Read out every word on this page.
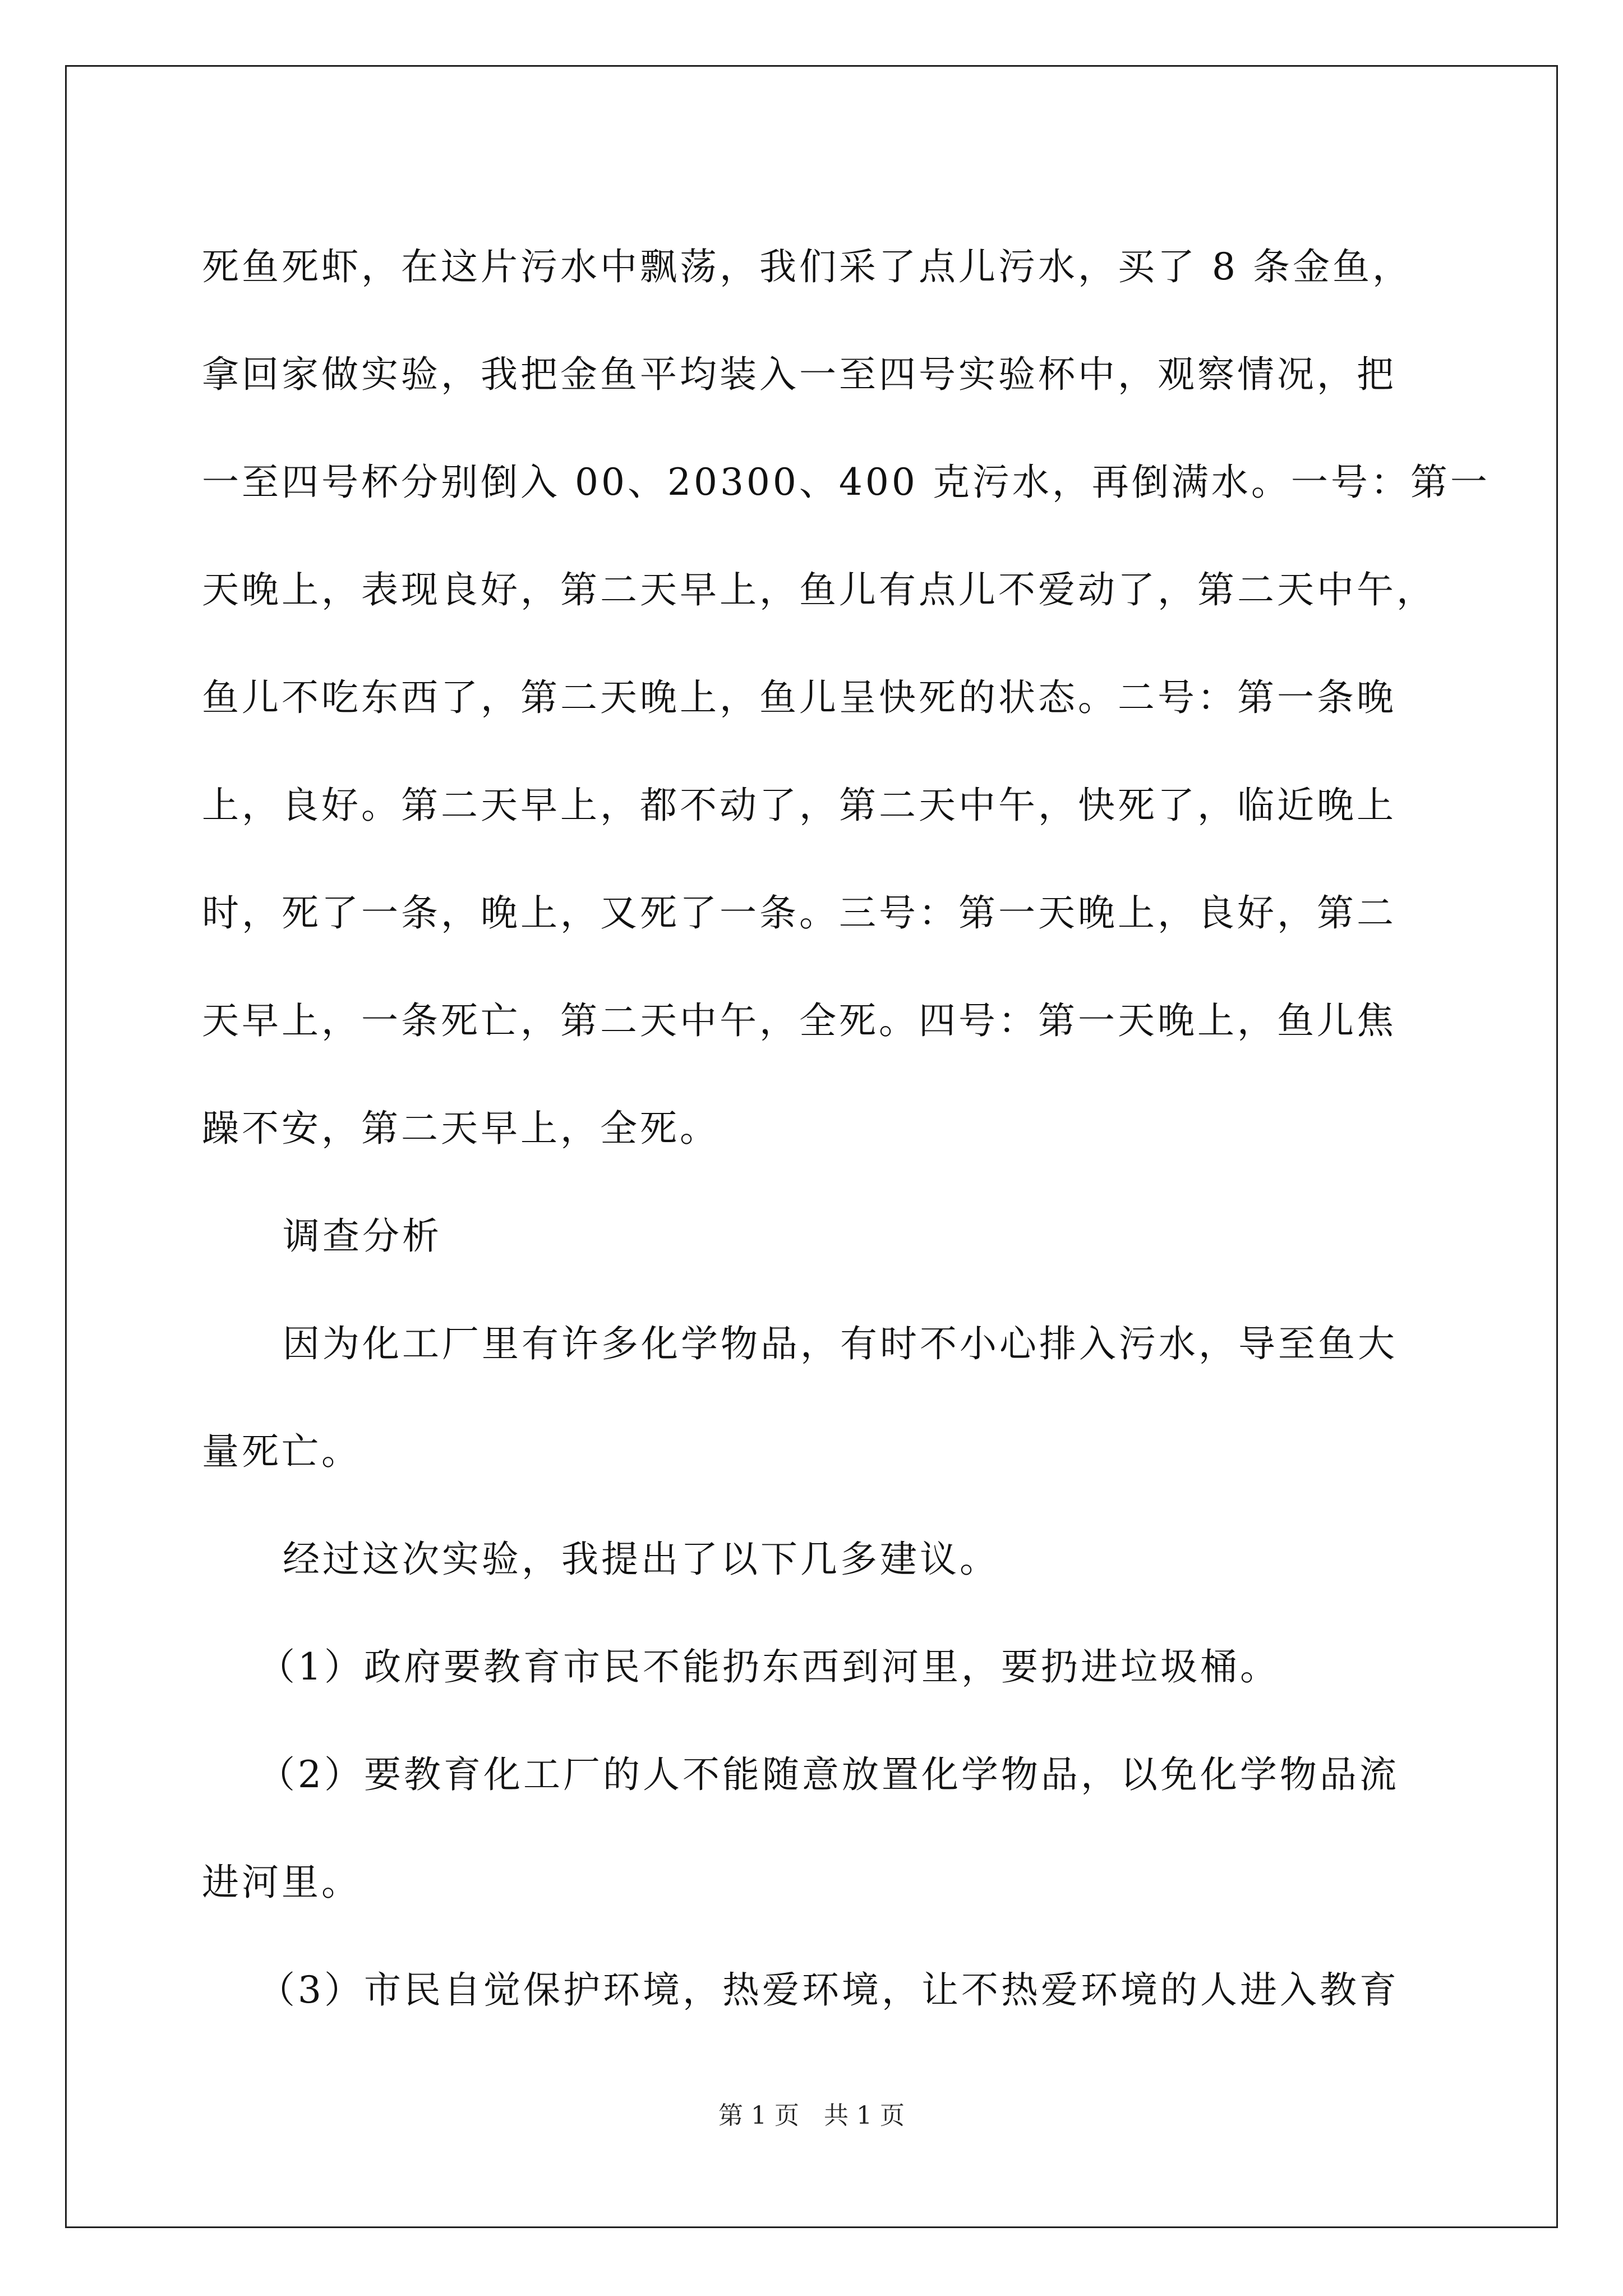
死鱼死虾，在这片污水中飘荡，我们采了点儿污水，买了 8 条金鱼，
拿回家做实验，我把金鱼平均装入一至四号实验杯中，观察情况，把
一至四号杯分别倒入 00、20300、400 克污水，再倒满水。一号：第一
天晚上，表现良好，第二天早上，鱼儿有点儿不爱动了，第二天中午，
鱼儿不吃东西了，第二天晚上，鱼儿呈快死的状态。二号：第一条晚
上，良好。第二天早上，都不动了，第二天中午，快死了，临近晚上
时，死了一条，晚上，又死了一条。三号：第一天晚上，良好，第二
天早上，一条死亡，第二天中午，全死。四号：第一天晚上，鱼儿焦
躁不安，第二天早上，全死。
调查分析
因为化工厂里有许多化学物品，有时不小心排入污水，导至鱼大
量死亡。
经过这次实验，我提出了以下几多建议。
（1）政府要教育市民不能扔东西到河里，要扔进垃圾桶。
（2）要教育化工厂的人不能随意放置化学物品，以免化学物品流
进河里。
（3）市民自觉保护环境，热爱环境，让不热爱环境的人进入教育
第 1 页　共 1 页
